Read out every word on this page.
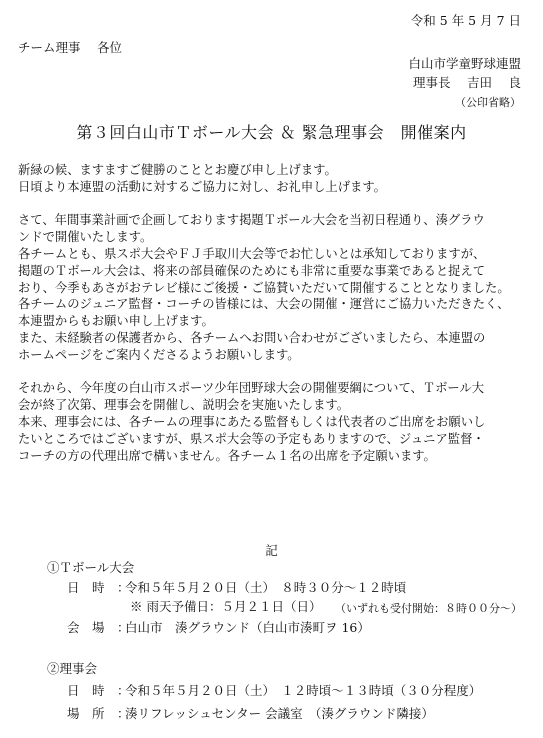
令和 5 年 5 月 7 日
チーム理事　 各位
白山市学童野球連盟
理事長　 吉田　 良
（公印省略）
第３回白山市Ｔボール大会 ＆ 緊急理事会　開催案内
新緑の候、ますますご健勝のこととお慶び申し上げます。
日頃より本連盟の活動に対するご協力に対し、お礼申し上げます。
さて、年間事業計画で企画しております掲題Ｔボール大会を当初日程通り、湊グラウ
ンドで開催いたします。
各チームとも、県スポ大会やＦＪ手取川大会等でお忙しいとは承知しておりますが、
掲題のＴボール大会は、将来の部員確保のためにも非常に重要な事業であると捉えて
おり、今季もあさがおテレビ様にご後援・ご協賛いただいて開催することとなりました。
各チームのジュニア監督・コーチの皆様には、大会の開催・運営にご協力いただきたく、
本連盟からもお願い申し上げます。
また、未経験者の保護者から、各チームへお問い合わせがございましたら、本連盟の
ホームページをご案内くださるようお願いします。
それから、今年度の白山市スポーツ少年団野球大会の開催要綱について、Ｔボール大
会が終了次第、理事会を開催し、説明会を実施いたします。
本来、理事会には、各チームの理事にあたる監督もしくは代表者のご出席をお願いし
たいところではございますが、県スポ大会等の予定もありますので、ジュニア監督・
コーチの方の代理出席で構いません。各チーム１名の出席を予定願います。
記
①Ｔボール大会
日　時　：
令和５年５月２０日（土）　８時３０分～１２時頃
※ 雨天予備日：５月２１日（日） （いずれも受付開始：８時００分～）
会　場　：
白山市　湊グラウンド（白山市湊町ヲ 16）
②理事会
日　時　：
令和５年５月２０日（土）　１２時頃～１３時頃（３０分程度）
場　所　：
湊リフレッシュセンター 会議室　（湊グラウンド隣接）
